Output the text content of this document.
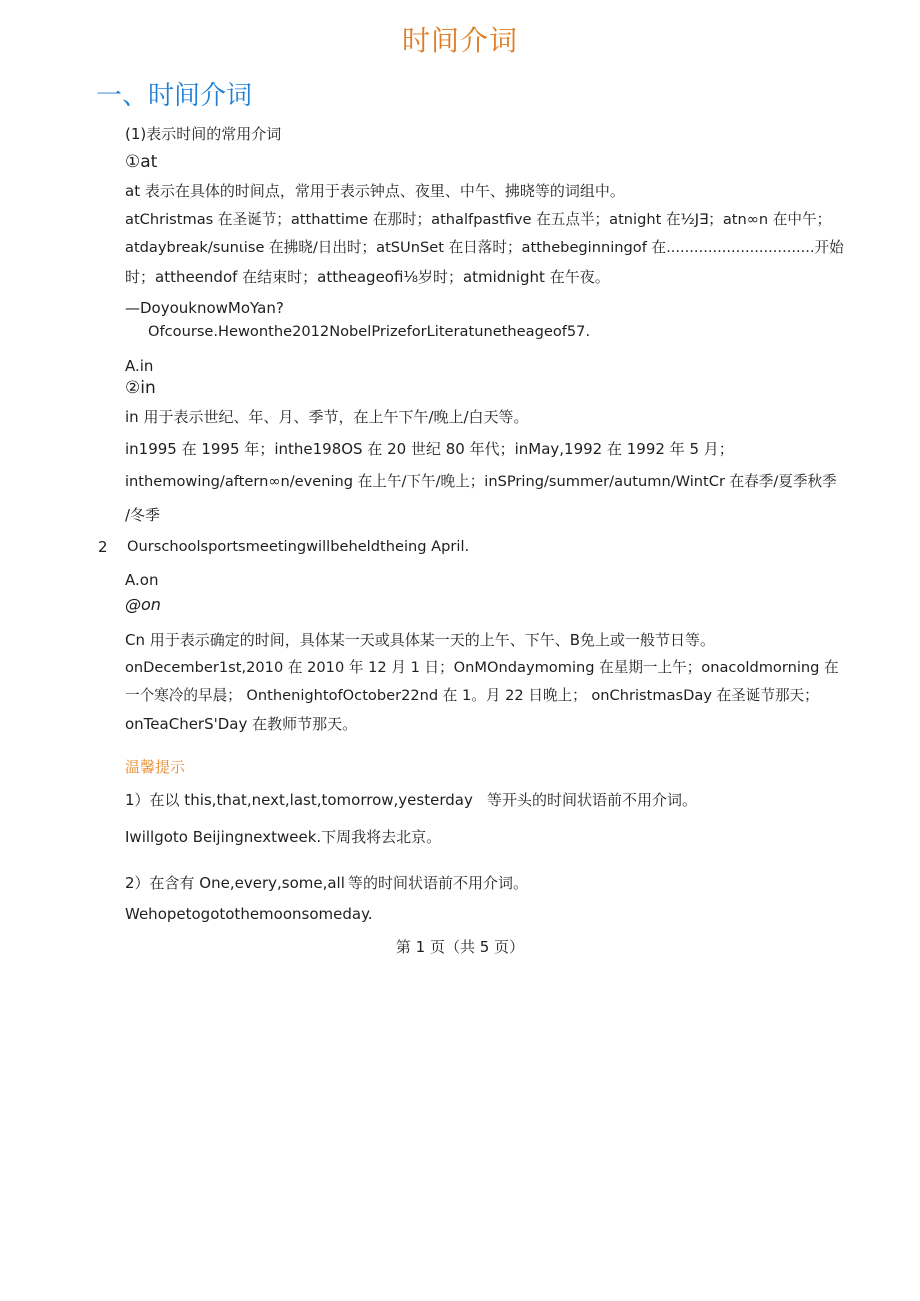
时间介词
一、时间介词
(1)表示时间的常用介词
①at
at 表示在具体的时间点，常用于表示钟点、夜里、中午、拂晓等的词组中。
atChristmas 在圣诞节；atthattime 在那时；athalfpastfive 在五点半；atnight 在½J∃；atn∞n 在中午；
atdaybreak∕sunιise 在拂晓/日出时；atSUnSet 在日落时；atthebeginningof 在................................开始
时；attheendof 在结束时；attheageofi⅛岁时；atmidnight 在午夜。
—DoyouknowMoYan?
Ofcourse.Hewonthe2012NobelPrizeforLiteratunetheageof57.
A.in
②in
in 用于表示世纪、年、月、季节，在上午下午/晚上/白天等。
in1995 在 1995 年；inthe198OS 在 20 世纪 80 年代；inMay,1992 在 1992 年 5 月；
inthemowing∕aftern∞n∕evening 在上午/下午/晚上；inSPring/summer/autumn/WintCr 在春季/夏季秋季
/冬季
2 Ourschoolsportsmeetingwillbeheldtheing April.
A.on
@on
Cn 用于表示确定的时间，具体某一天或具体某一天的上午、下午、B免上或一般节日等。
onDecember1st,2010 在 2010 年 12 月 1 日；OnMOndaymoming 在星期一上午；onacoldmorning 在
一个寒冷的早晨； OnthenightofOctober22nd 在 1。月 22 日晚上； onChristmasDay 在圣诞节那天；
onTeaCherS'Day 在教师节那天。
温馨提示
1）在以 this,that,next,last,tomorrow,yesterday 等开头的时间状语前不用介词。
Iwillgoto Beijingnextweek.下周我将去北京。
2）在含有 One,every,some,all 等的时间状语前不用介词。
Wehopetogotothemoonsomeday.
第 1 页（共 5 页）
